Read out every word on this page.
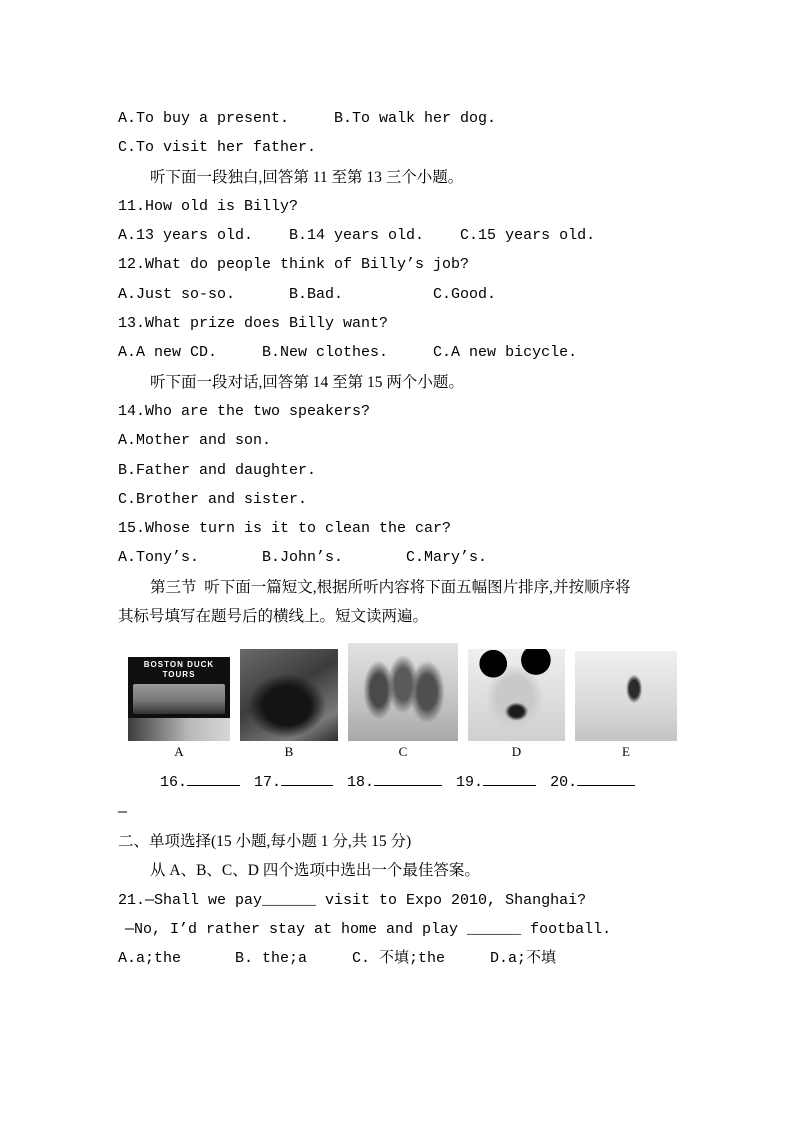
A.To buy a present.     B.To walk her dog.

C.To visit her father.

听下面一段独白,回答第 11 至第 13 三个小题。

11.How old is Billy?

A.13 years old.    B.14 years old.    C.15 years old.

12.What do people think of Billy’s job?

A.Just so-so.      B.Bad.          C.Good.

13.What prize does Billy want?

A.A new CD.     B.New clothes.     C.A new bicycle.

听下面一段对话,回答第 14 至第 15 两个小题。

14.Who are the two speakers?

A.Mother and son.

B.Father and daughter.

C.Brother and sister.

15.Whose turn is it to clean the car?

A.Tony’s.       B.John’s.       C.Mary’s.

第三节  听下面一篇短文,根据所听内容将下面五幅图片排序,并按顺序将

其标号填写在题号后的横线上。短文读两遍。

BOSTON DUCK TOURS
A	B	C	D	E
16.	17.	18.	19.	20.

—

二、单项选择(15 小题,每小题 1 分,共 15 分)

从 A、B、C、D 四个选项中选出一个最佳答案。

21.—Shall we pay______ visit to Expo 2010, Shanghai?

—No, I’d rather stay at home and play ______ football.

A.a;the      B. the;a     C. 不填;the     D.a;不填
